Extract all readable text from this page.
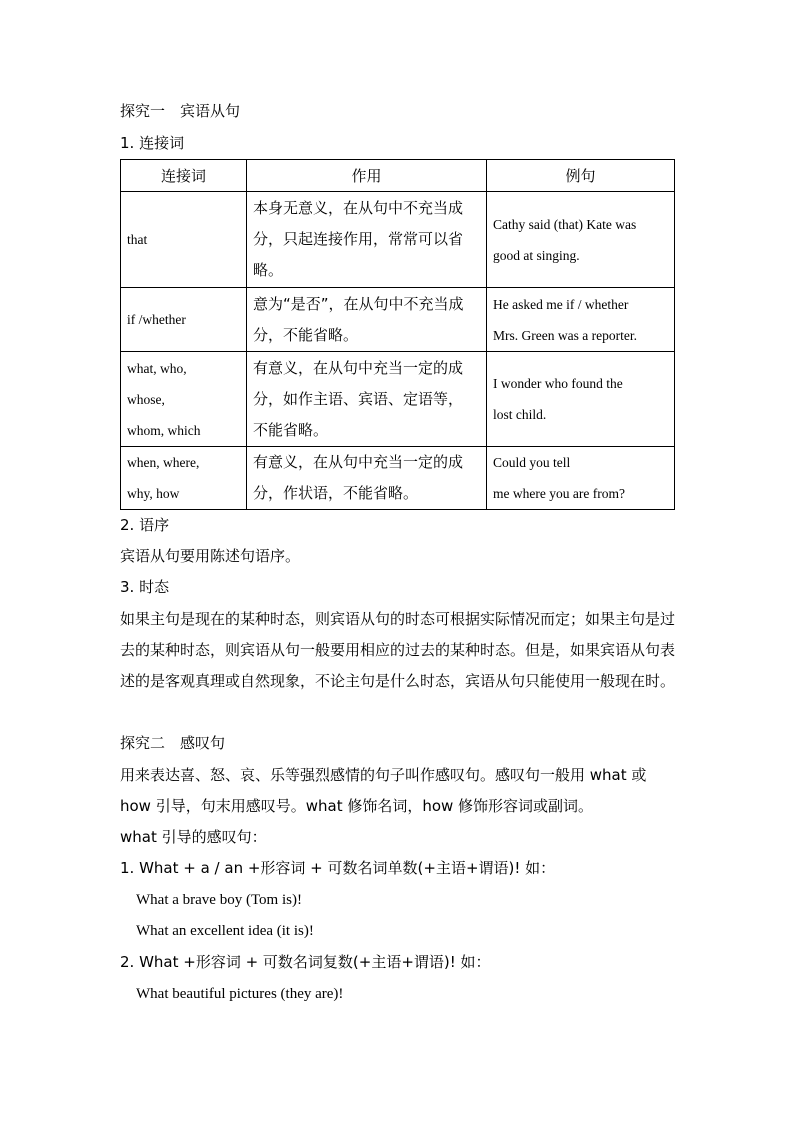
探究一　宾语从句
1. 连接词
连接词	作用	例句

that	本身无意义，在从句中不充当成
分，只起连接作用，常常可以省
略。	Cathy said (that) Kate was
good at singing.

if /whether	意为“是否”，在从句中不充当成
分，不能省略。	He asked me if / whether
Mrs. Green was a reporter.

what, who,
whose,
whom, which	有意义，在从句中充当一定的成
分，如作主语、宾语、定语等，
不能省略。	I wonder who found the
lost child.

when, where,
why, how	有意义，在从句中充当一定的成
分，作状语，不能省略。	Could you tell
me where you are from?
2. 语序
宾语从句要用陈述句语序。
3. 时态
如果主句是现在的某种时态，则宾语从句的时态可根据实际情况而定；如果主句是过去的某种时态，则宾语从句一般要用相应的过去的某种时态。但是，如果宾语从句表述的是客观真理或自然现象，不论主句是什么时态，宾语从句只能使用一般现在时。
探究二　感叹句
用来表达喜、怒、哀、乐等强烈感情的句子叫作感叹句。感叹句一般用 what 或 how 引导，句末用感叹号。what 修饰名词，how 修饰形容词或副词。
what 引导的感叹句：
1. What + a / an +形容词 + 可数名词单数(+主语+谓语)! 如：
What a brave boy (Tom is)!
What an excellent idea (it is)!
2. What +形容词 + 可数名词复数(+主语+谓语)! 如：
What beautiful pictures (they are)!
